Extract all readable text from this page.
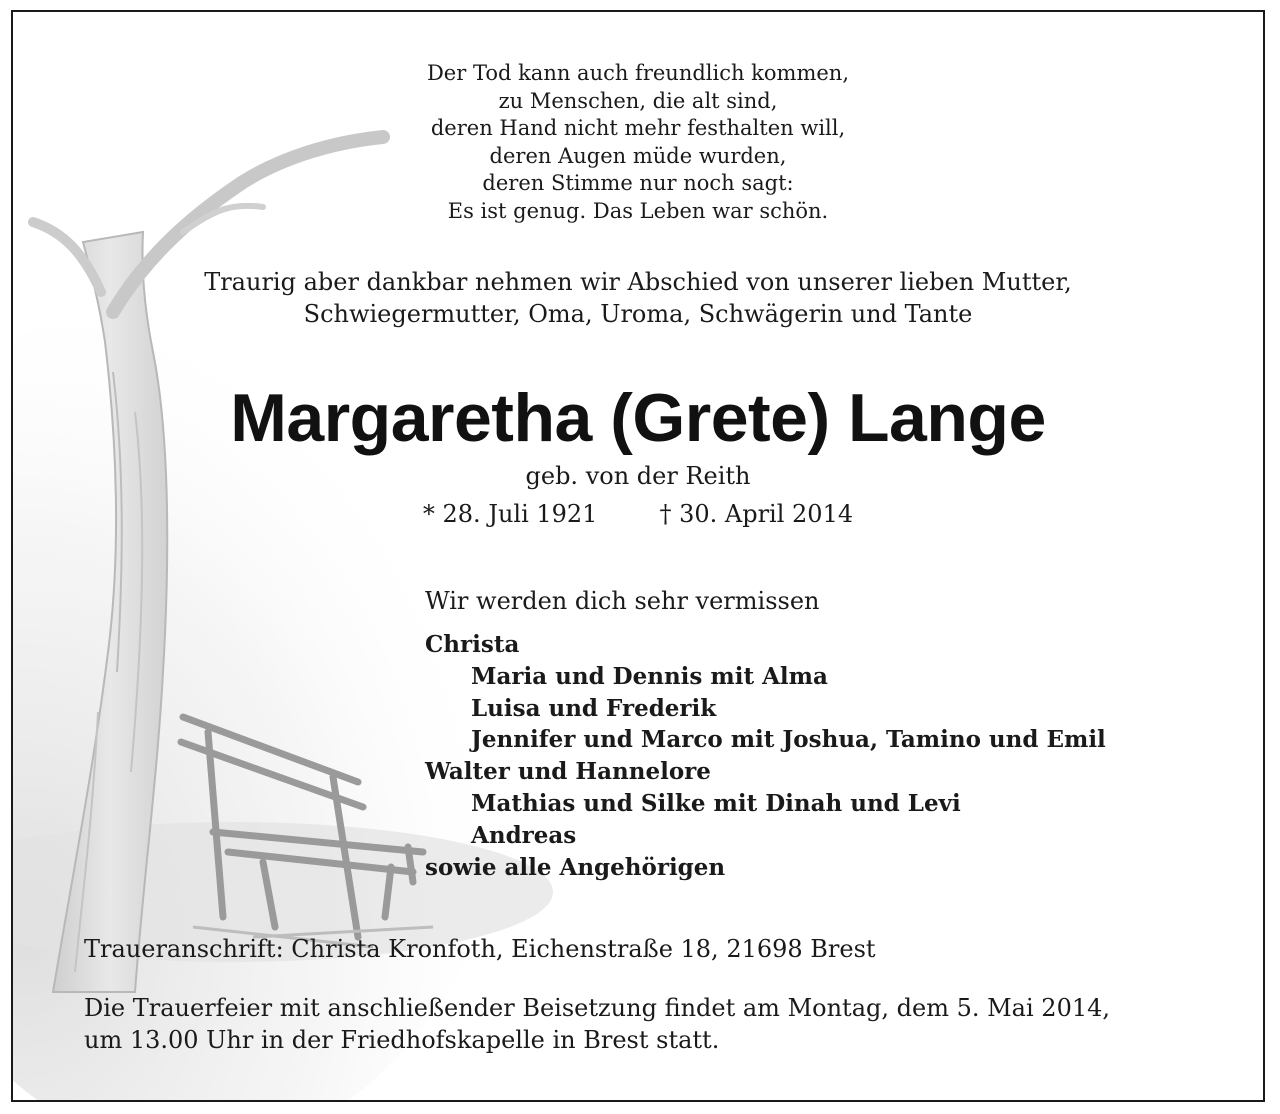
Der Tod kann auch freundlich kommen,
zu Menschen, die alt sind,
deren Hand nicht mehr festhalten will,
deren Augen müde wurden,
deren Stimme nur noch sagt:
Es ist genug. Das Leben war schön.
Traurig aber dankbar nehmen wir Abschied von unserer lieben Mutter,
Schwiegermutter, Oma, Uroma, Schwägerin und Tante
Margaretha (Grete) Lange
geb. von der Reith
* 28. Juli 1921	† 30. April 2014
Wir werden dich sehr vermissen
Christa
Maria und Dennis mit Alma
Luisa und Frederik
Jennifer und Marco mit Joshua, Tamino und Emil
Walter und Hannelore
Mathias und Silke mit Dinah und Levi
Andreas
sowie alle Angehörigen
Traueranschrift: Christa Kronfoth, Eichenstraße 18, 21698 Brest
Die Trauerfeier mit anschließender Beisetzung findet am Montag, dem 5. Mai 2014,
um 13.00 Uhr in der Friedhofskapelle in Brest statt.
